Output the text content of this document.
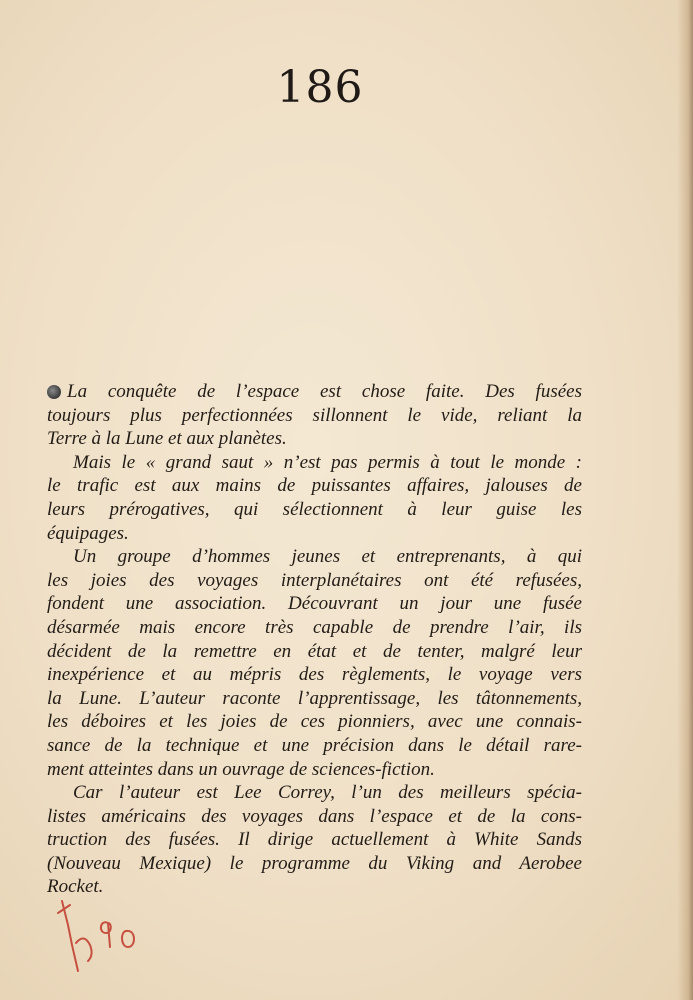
186
La conquête de l’espace est chose faite. Des fusées
toujours plus perfectionnées sillonnent le vide, reliant la
Terre à la Lune et aux planètes.
Mais le « grand saut » n’est pas permis à tout le monde :
le trafic est aux mains de puissantes affaires, jalouses de
leurs prérogatives, qui sélectionnent à leur guise les
équipages.
Un groupe d’hommes jeunes et entreprenants, à qui
les joies des voyages interplanétaires ont été refusées,
fondent une association. Découvrant un jour une fusée
désarmée mais encore très capable de prendre l’air, ils
décident de la remettre en état et de tenter, malgré leur
inexpérience et au mépris des règlements, le voyage vers
la Lune. L’auteur raconte l’apprentissage, les tâtonnements,
les déboires et les joies de ces pionniers, avec une connais-
sance de la technique et une précision dans le détail rare-
ment atteintes dans un ouvrage de sciences-fiction.
Car l’auteur est Lee Correy, l’un des meilleurs spécia-
listes américains des voyages dans l’espace et de la cons-
truction des fusées. Il dirige actuellement à White Sands
(Nouveau Mexique) le programme du Viking and Aerobee
Rocket.
